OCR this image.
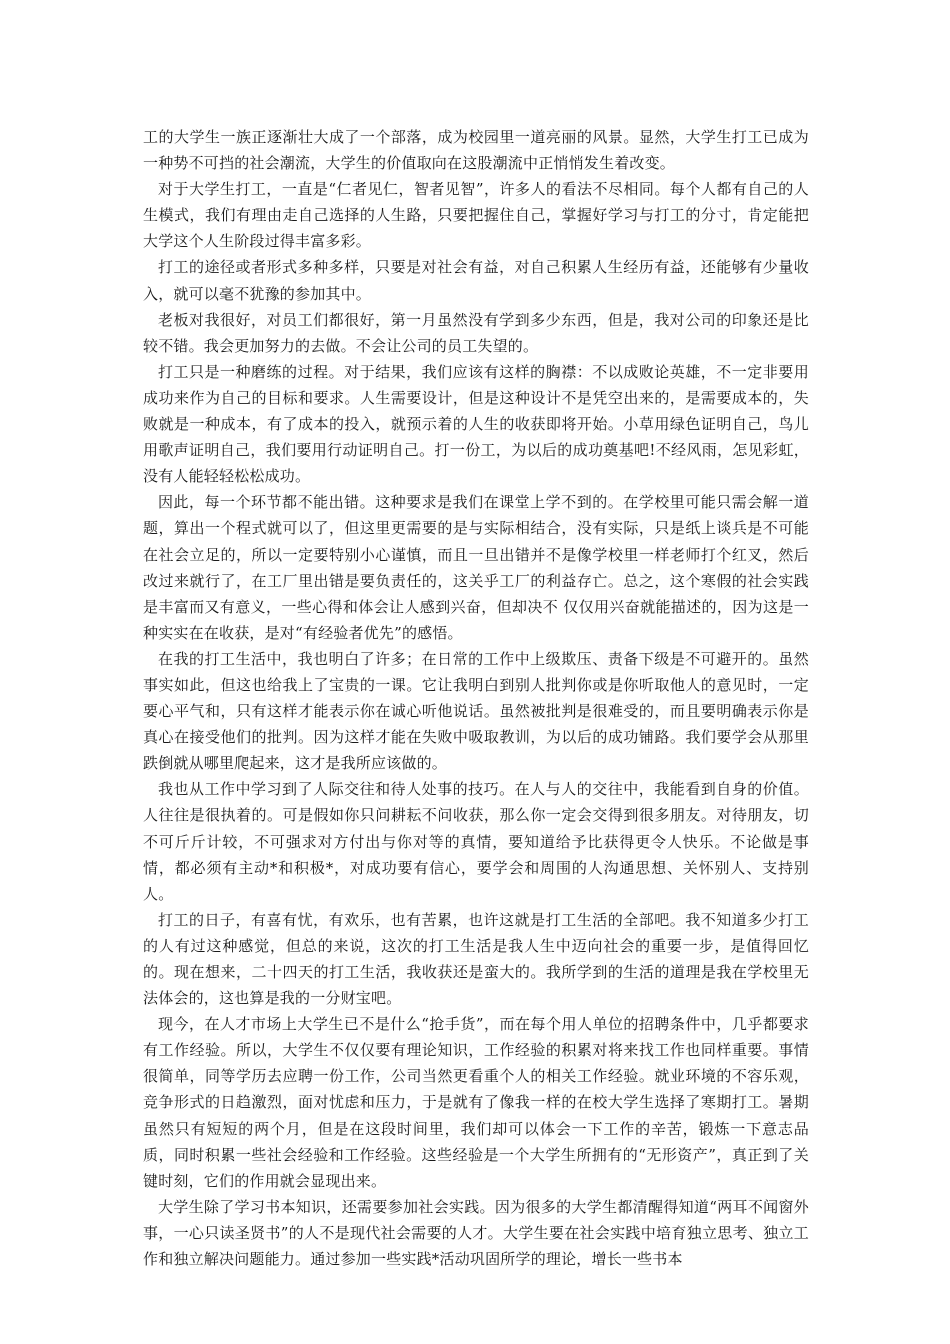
工的大学生一族正逐渐壮大成了一个部落，成为校园里一道亮丽的风景。显然，大学生打工已成为一种势不可挡的社会潮流，大学生的价值取向在这股潮流中正悄悄发生着改变。

对于大学生打工，一直是“仁者见仁，智者见智”，许多人的看法不尽相同。每个人都有自己的人生模式，我们有理由走自己选择的人生路，只要把握住自己，掌握好学习与打工的分寸，肯定能把大学这个人生阶段过得丰富多彩。

打工的途径或者形式多种多样，只要是对社会有益，对自己积累人生经历有益，还能够有少量收入，就可以毫不犹豫的参加其中。

老板对我很好，对员工们都很好，第一月虽然没有学到多少东西，但是，我对公司的印象还是比较不错。我会更加努力的去做。不会让公司的员工失望的。

打工只是一种磨练的过程。对于结果，我们应该有这样的胸襟：不以成败论英雄，不一定非要用成功来作为自己的目标和要求。人生需要设计，但是这种设计不是凭空出来的，是需要成本的，失败就是一种成本，有了成本的投入，就预示着的人生的收获即将开始。小草用绿色证明自己，鸟儿用歌声证明自己，我们要用行动证明自己。打一份工，为以后的成功奠基吧!不经风雨，怎见彩虹，没有人能轻轻松松成功。

因此，每一个环节都不能出错。这种要求是我们在课堂上学不到的。在学校里可能只需会解一道题，算出一个程式就可以了，但这里更需要的是与实际相结合，没有实际，只是纸上谈兵是不可能在社会立足的，所以一定要特别小心谨慎，而且一旦出错并不是像学校里一样老师打个红叉，然后改过来就行了，在工厂里出错是要负责任的，这关乎工厂的利益存亡。总之，这个寒假的社会实践是丰富而又有意义，一些心得和体会让人感到兴奋，但却决不 仅仅用兴奋就能描述的，因为这是一种实实在在收获，是对“有经验者优先”的感悟。

在我的打工生活中，我也明白了许多；在日常的工作中上级欺压、责备下级是不可避开的。虽然事实如此，但这也给我上了宝贵的一课。它让我明白到别人批判你或是你听取他人的意见时，一定要心平气和，只有这样才能表示你在诚心听他说话。虽然被批判是很难受的，而且要明确表示你是真心在接受他们的批判。因为这样才能在失败中吸取教训，为以后的成功铺路。我们要学会从那里跌倒就从哪里爬起来，这才是我所应该做的。

我也从工作中学习到了人际交往和待人处事的技巧。在人与人的交往中，我能看到自身的价值。人往往是很执着的。可是假如你只问耕耘不问收获，那么你一定会交得到很多朋友。对待朋友，切不可斤斤计较，不可强求对方付出与你对等的真情，要知道给予比获得更令人快乐。不论做是事情，都必须有主动*和积极*，对成功要有信心，要学会和周围的人沟通思想、关怀别人、支持别人。

打工的日子，有喜有忧，有欢乐，也有苦累，也许这就是打工生活的全部吧。我不知道多少打工的人有过这种感觉，但总的来说，这次的打工生活是我人生中迈向社会的重要一步，是值得回忆的。现在想来，二十四天的打工生活，我收获还是蛮大的。我所学到的生活的道理是我在学校里无法体会的，这也算是我的一分财宝吧。

现今，在人才市场上大学生已不是什么“抢手货”，而在每个用人单位的招聘条件中，几乎都要求有工作经验。所以，大学生不仅仅要有理论知识，工作经验的积累对将来找工作也同样重要。事情很简单，同等学历去应聘一份工作，公司当然更看重个人的相关工作经验。就业环境的不容乐观，竞争形式的日趋激烈，面对忧虑和压力，于是就有了像我一样的在校大学生选择了寒期打工。暑期虽然只有短短的两个月，但是在这段时间里，我们却可以体会一下工作的辛苦，锻炼一下意志品质，同时积累一些社会经验和工作经验。这些经验是一个大学生所拥有的“无形资产”，真正到了关键时刻，它们的作用就会显现出来。

大学生除了学习书本知识，还需要参加社会实践。因为很多的大学生都清醒得知道“两耳不闻窗外事，一心只读圣贤书”的人不是现代社会需要的人才。大学生要在社会实践中培育独立思考、独立工作和独立解决问题能力。通过参加一些实践*活动巩固所学的理论，增长一些书本
